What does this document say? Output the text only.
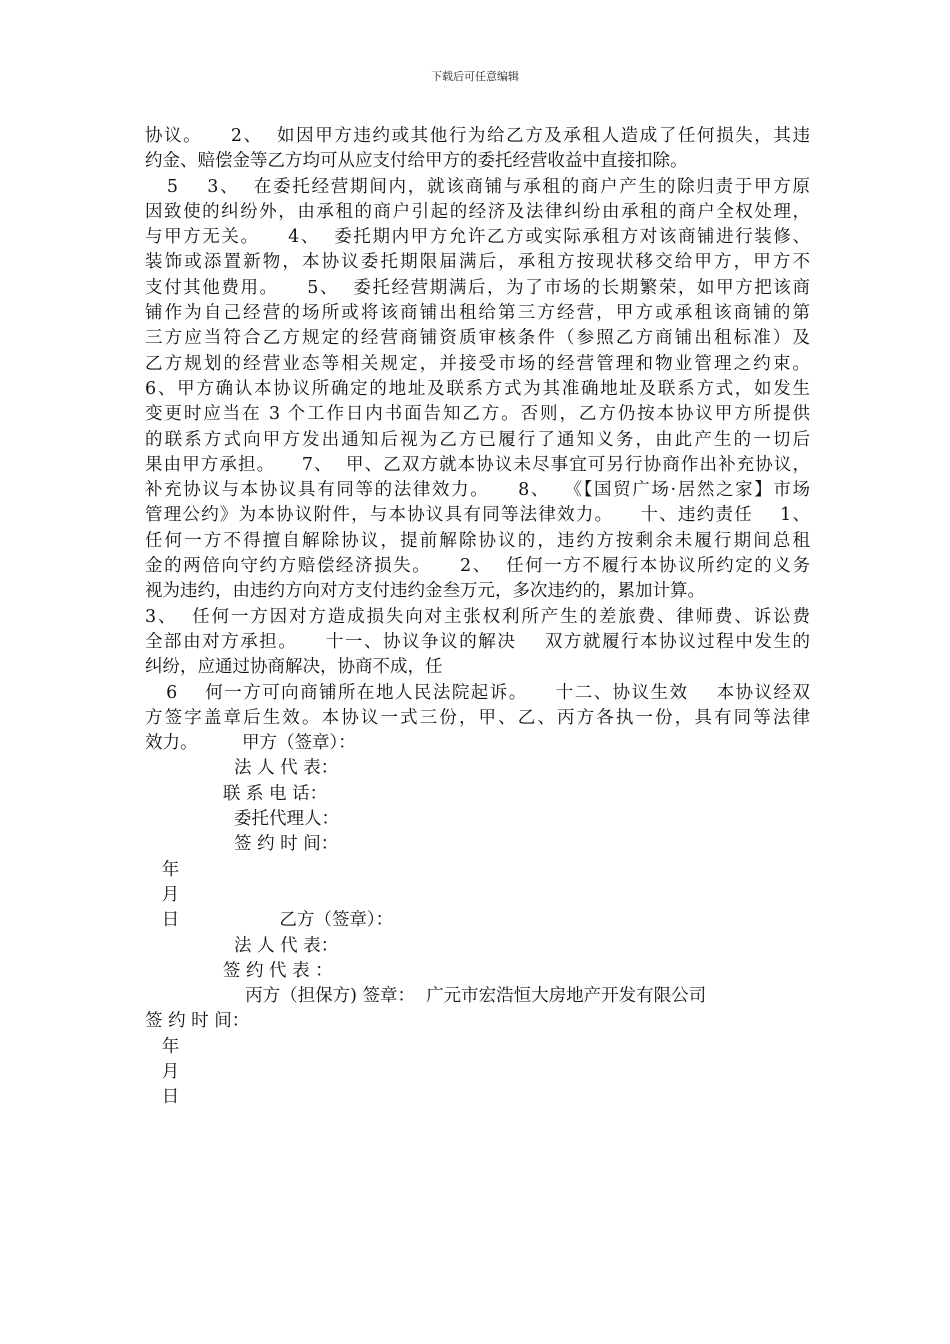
下载后可任意编辑
协议。    2、  如因甲方违约或其他行为给乙方及承租人造成了任何损失，其违
约金、赔偿金等乙方均可从应支付给甲方的委托经营收益中直接扣除。
5    3、  在委托经营期间内，就该商铺与承租的商户产生的除归责于甲方原
因致使的纠纷外，由承租的商户引起的经济及法律纠纷由承租的商户全权处理，
与甲方无关。    4、  委托期内甲方允许乙方或实际承租方对该商铺进行装修、
装饰或添置新物，本协议委托期限届满后，承租方按现状移交给甲方，甲方不
支付其他费用。    5、  委托经营期满后，为了市场的长期繁荣，如甲方把该商
铺作为自己经营的场所或将该商铺出租给第三方经营，甲方或承租该商铺的第
三方应当符合乙方规定的经营商铺资质审核条件（参照乙方商铺出租标准）及
乙方规划的经营业态等相关规定，并接受市场的经营管理和物业管理之约束。
6、甲方确认本协议所确定的地址及联系方式为其准确地址及联系方式，如发生
变更时应当在 3 个工作日内书面告知乙方。否则，乙方仍按本协议甲方所提供
的联系方式向甲方发出通知后视为乙方已履行了通知义务，由此产生的一切后
果由甲方承担。    7、  甲、乙双方就本协议未尽事宜可另行协商作出补充协议，
补充协议与本协议具有同等的法律效力。    8、  《【国贸广场·居然之家】市场
管理公约》为本协议附件，与本协议具有同等法律效力。    十、违约责任    1、
任何一方不得擅自解除协议，提前解除协议的，违约方按剩余未履行期间总租
金的两倍向守约方赔偿经济损失。    2、  任何一方不履行本协议所约定的义务
视为违约，由违约方向对方支付违约金叁万元，多次违约的，累加计算。
3、  任何一方因对方造成损失向对主张权利所产生的差旅费、律师费、诉讼费
全部由对方承担。    十一、协议争议的解决    双方就履行本协议过程中发生的
纠纷，应通过协商解决，协商不成，任
6    何一方可向商铺所在地人民法院起诉。    十二、协议生效    本协议经双
方签字盖章后生效。本协议一式三份，甲、乙、丙方各执一份，具有同等法律
效力。        甲方（签章）：
法 人 代 表：
联 系 电 话：
委托代理人：
签 约 时 间：
年
月
日                  乙方（签章）：
法 人 代 表：
签 约 代 表 ：
丙方（担保方) 签章：  广元市宏浩恒大房地产开发有限公司
签 约 时 间：
年
月
日
